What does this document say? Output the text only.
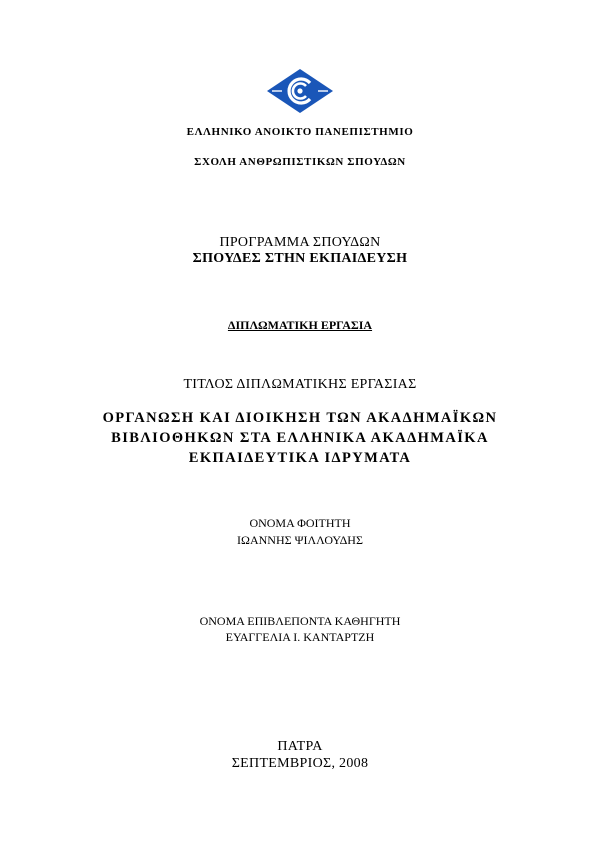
ΕΛΛΗΝΙΚΟ ΑΝΟΙΚΤΟ ΠΑΝΕΠΙΣΤΗΜΙΟ
ΣΧΟΛΗ ΑΝΘΡΩΠΙΣΤΙΚΩΝ ΣΠΟΥΔΩΝ
ΠΡΟΓΡΑΜΜΑ ΣΠΟΥΔΩΝ
ΣΠΟΥΔΕΣ ΣΤΗΝ ΕΚΠΑΙΔΕΥΣΗ
ΔΙΠΛΩΜΑΤΙΚΗ ΕΡΓΑΣΙΑ
ΤΙΤΛΟΣ ΔΙΠΛΩΜΑΤΙΚΗΣ ΕΡΓΑΣΙΑΣ
ΟΡΓΑΝΩΣΗ ΚΑΙ ΔΙΟΙΚΗΣΗ ΤΩΝ ΑΚΑΔΗΜΑΪΚΩΝ
ΒΙΒΛΙΟΘΗΚΩΝ ΣΤΑ ΕΛΛΗΝΙΚΑ ΑΚΑΔΗΜΑΪΚΑ
ΕΚΠΑΙΔΕΥΤΙΚΑ ΙΔΡΥΜΑΤΑ
ΟΝΟΜΑ ΦΟΙΤΗΤΗ
ΙΩΑΝΝΗΣ ΨΙΛΛΟΥΔΗΣ
ΟΝΟΜΑ ΕΠΙΒΛΕΠΟΝΤΑ ΚΑΘΗΓΗΤΗ
ΕΥΑΓΓΕΛΙΑ Ι. ΚΑΝΤΑΡΤΖΗ
ΠΑΤΡΑ
ΣΕΠΤΕΜΒΡΙΟΣ, 2008
